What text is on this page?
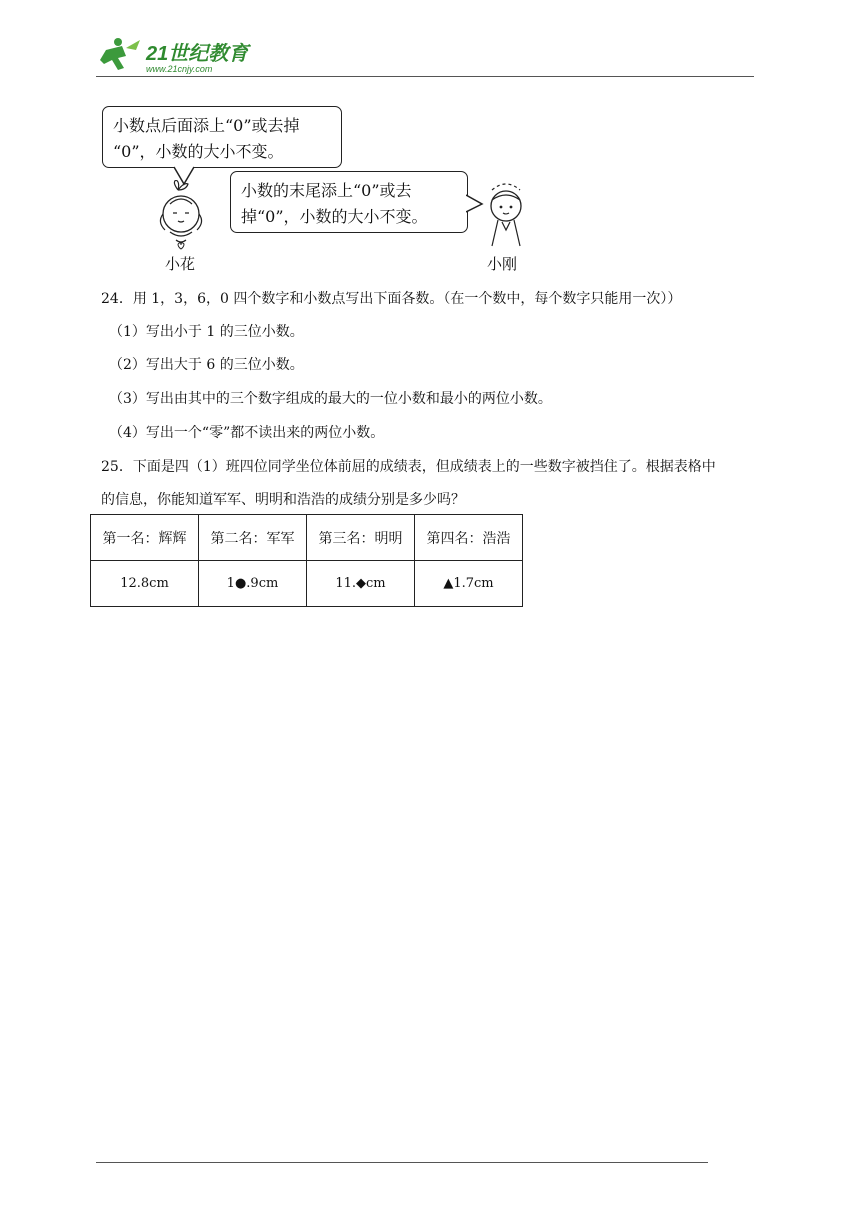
21世纪教育
www.21cnjy.com
小数点后面添上“0”或去掉
“0”，小数的大小不变。
小数的末尾添上“0”或去
掉“0”，小数的大小不变。
小花	小刚
24．用 1，3，6，0 四个数字和小数点写出下面各数。（在一个数中，每个数字只能用一次））
（1）写出小于 1 的三位小数。
（2）写出大于 6 的三位小数。
（3）写出由其中的三个数字组成的最大的一位小数和最小的两位小数。
（4）写出一个“零”都不读出来的两位小数。
25．下面是四（1）班四位同学坐位体前屈的成绩表，但成绩表上的一些数字被挡住了。根据表格中
的信息，你能知道军军、明明和浩浩的成绩分别是多少吗？
第一名：辉辉	第二名：军军	第三名：明明	第四名：浩浩
12.8cm	1●.9cm	11.◆cm	▲1.7cm
